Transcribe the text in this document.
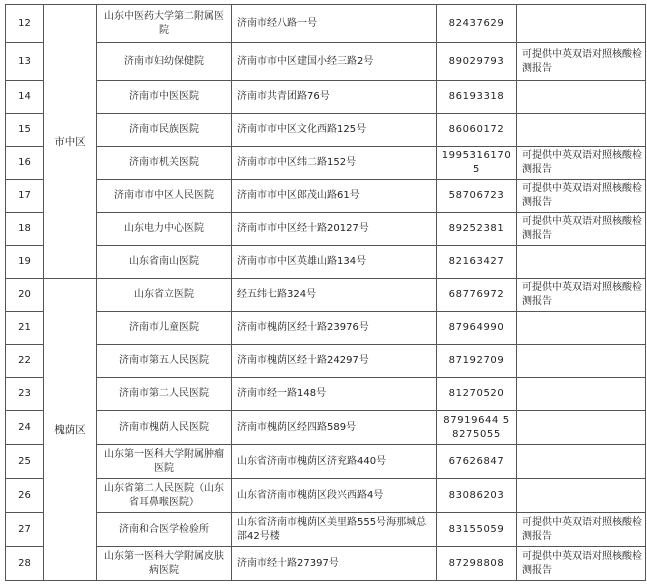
12	市中区	山东中医药大学第二附属医院	济南市经八路一号	82437629	
13		济南市妇幼保健院	济南市市中区建国小经三路2号	89029793	可提供中英双语对照核酸检测报告
14		济南市中医医院	济南市共青团路76号	86193318	
15		济南市民族医院	济南市市中区文化西路125号	86060172	
16		济南市机关医院	济南市市中区纬二路152号	19953161705	可提供中英双语对照核酸检测报告
17		济南市市中区人民医院	济南市市中区郎茂山路61号	58706723	可提供中英双语对照核酸检测报告
18		山东电力中心医院	济南市市中区经十路20127号	89252381	可提供中英双语对照核酸检测报告
19		山东省南山医院	济南市市中区英雄山路134号	82163427	
20	槐荫区	山东省立医院	经五纬七路324号	68776972	可提供中英双语对照核酸检测报告
21		济南市儿童医院	济南市槐荫区经十路23976号	87964990	
22		济南市第五人民医院	济南市槐荫区经十路24297号	87192709	
23		济南市第二人民医院	济南市经一路148号	81270520	
24		济南市槐荫人民医院	济南市槐荫区经四路589号	87919644 58275055	
25		山东第一医科大学附属肿瘤医院	山东省济南市槐荫区济兖路440号	67626847	
26		山东省第二人民医院（山东省耳鼻喉医院）	山东省济南市槐荫区段兴西路4号	83086203	
27		济南和合医学检验所	山东省济南市槐荫区美里路555号海那城总部42号楼	83155059	可提供中英双语对照核酸检测报告
28		山东第一医科大学附属皮肤病医院	济南市经十路27397号	87298808	可提供中英双语对照核酸检测报告
